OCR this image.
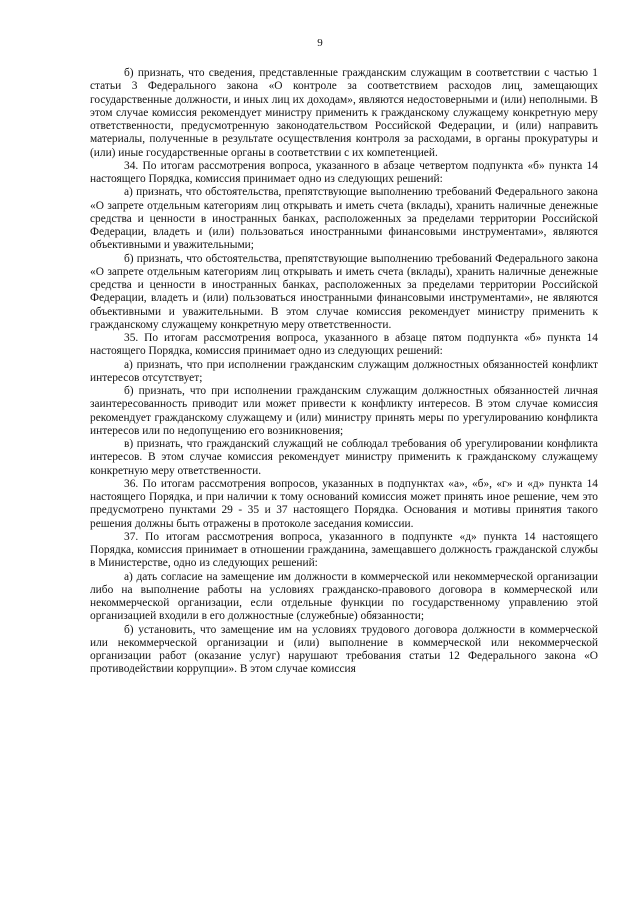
9

б) признать, что сведения, представленные гражданским служащим в соответствии с частью 1 статьи 3 Федерального закона «О контроле за соответствием расходов лиц, замещающих государственные должности, и иных лиц их доходам», являются недостоверными и (или) неполными. В этом случае комиссия рекомендует министру применить к гражданскому служащему конкретную меру ответственности, предусмотренную законодательством Российской Федерации, и (или) направить материалы, полученные в результате осуществления контроля за расходами, в органы прокуратуры и (или) иные государственные органы в соответствии с их компетенцией.

34. По итогам рассмотрения вопроса, указанного в абзаце четвертом подпункта «б» пункта 14 настоящего Порядка, комиссия принимает одно из следующих решений:

а) признать, что обстоятельства, препятствующие выполнению требований Федерального закона «О запрете отдельным категориям лиц открывать и иметь счета (вклады), хранить наличные денежные средства и ценности в иностранных банках, расположенных за пределами территории Российской Федерации, владеть и (или) пользоваться иностранными финансовыми инструментами», являются объективными и уважительными;

б) признать, что обстоятельства, препятствующие выполнению требований Федерального закона «О запрете отдельным категориям лиц открывать и иметь счета (вклады), хранить наличные денежные средства и ценности в иностранных банках, расположенных за пределами территории Российской Федерации, владеть и (или) пользоваться иностранными финансовыми инструментами», не являются объективными и уважительными. В этом случае комиссия рекомендует министру применить к гражданскому служащему конкретную меру ответственности.

35. По итогам рассмотрения вопроса, указанного в абзаце пятом подпункта «б» пункта 14 настоящего Порядка, комиссия принимает одно из следующих решений:

а) признать, что при исполнении гражданским служащим должностных обязанностей конфликт интересов отсутствует;

б) признать, что при исполнении гражданским служащим должностных обязанностей личная заинтересованность приводит или может привести к конфликту интересов. В этом случае комиссия рекомендует гражданскому служащему и (или) министру принять меры по урегулированию конфликта интересов или по недопущению его возникновения;

в) признать, что гражданский служащий не соблюдал требования об урегулировании конфликта интересов. В этом случае комиссия рекомендует министру применить к гражданскому служащему конкретную меру ответственности.

36. По итогам рассмотрения вопросов, указанных в подпунктах «а», «б», «г» и «д» пункта 14 настоящего Порядка, и при наличии к тому оснований комиссия может принять иное решение, чем это предусмотрено пунктами 29 - 35 и 37 настоящего Порядка. Основания и мотивы принятия такого решения должны быть отражены в протоколе заседания комиссии.

37. По итогам рассмотрения вопроса, указанного в подпункте «д» пункта 14 настоящего Порядка, комиссия принимает в отношении гражданина, замещавшего должность гражданской службы в Министерстве, одно из следующих решений:

а) дать согласие на замещение им должности в коммерческой или некоммерческой организации либо на выполнение работы на условиях гражданско-правового договора в коммерческой или некоммерческой организации, если отдельные функции по государственному управлению этой организацией входили в его должностные (служебные) обязанности;

б) установить, что замещение им на условиях трудового договора должности в коммерческой или некоммерческой организации и (или) выполнение в коммерческой или некоммерческой организации работ (оказание услуг) нарушают требования статьи 12 Федерального закона «О противодействии коррупции». В этом случае комиссия
